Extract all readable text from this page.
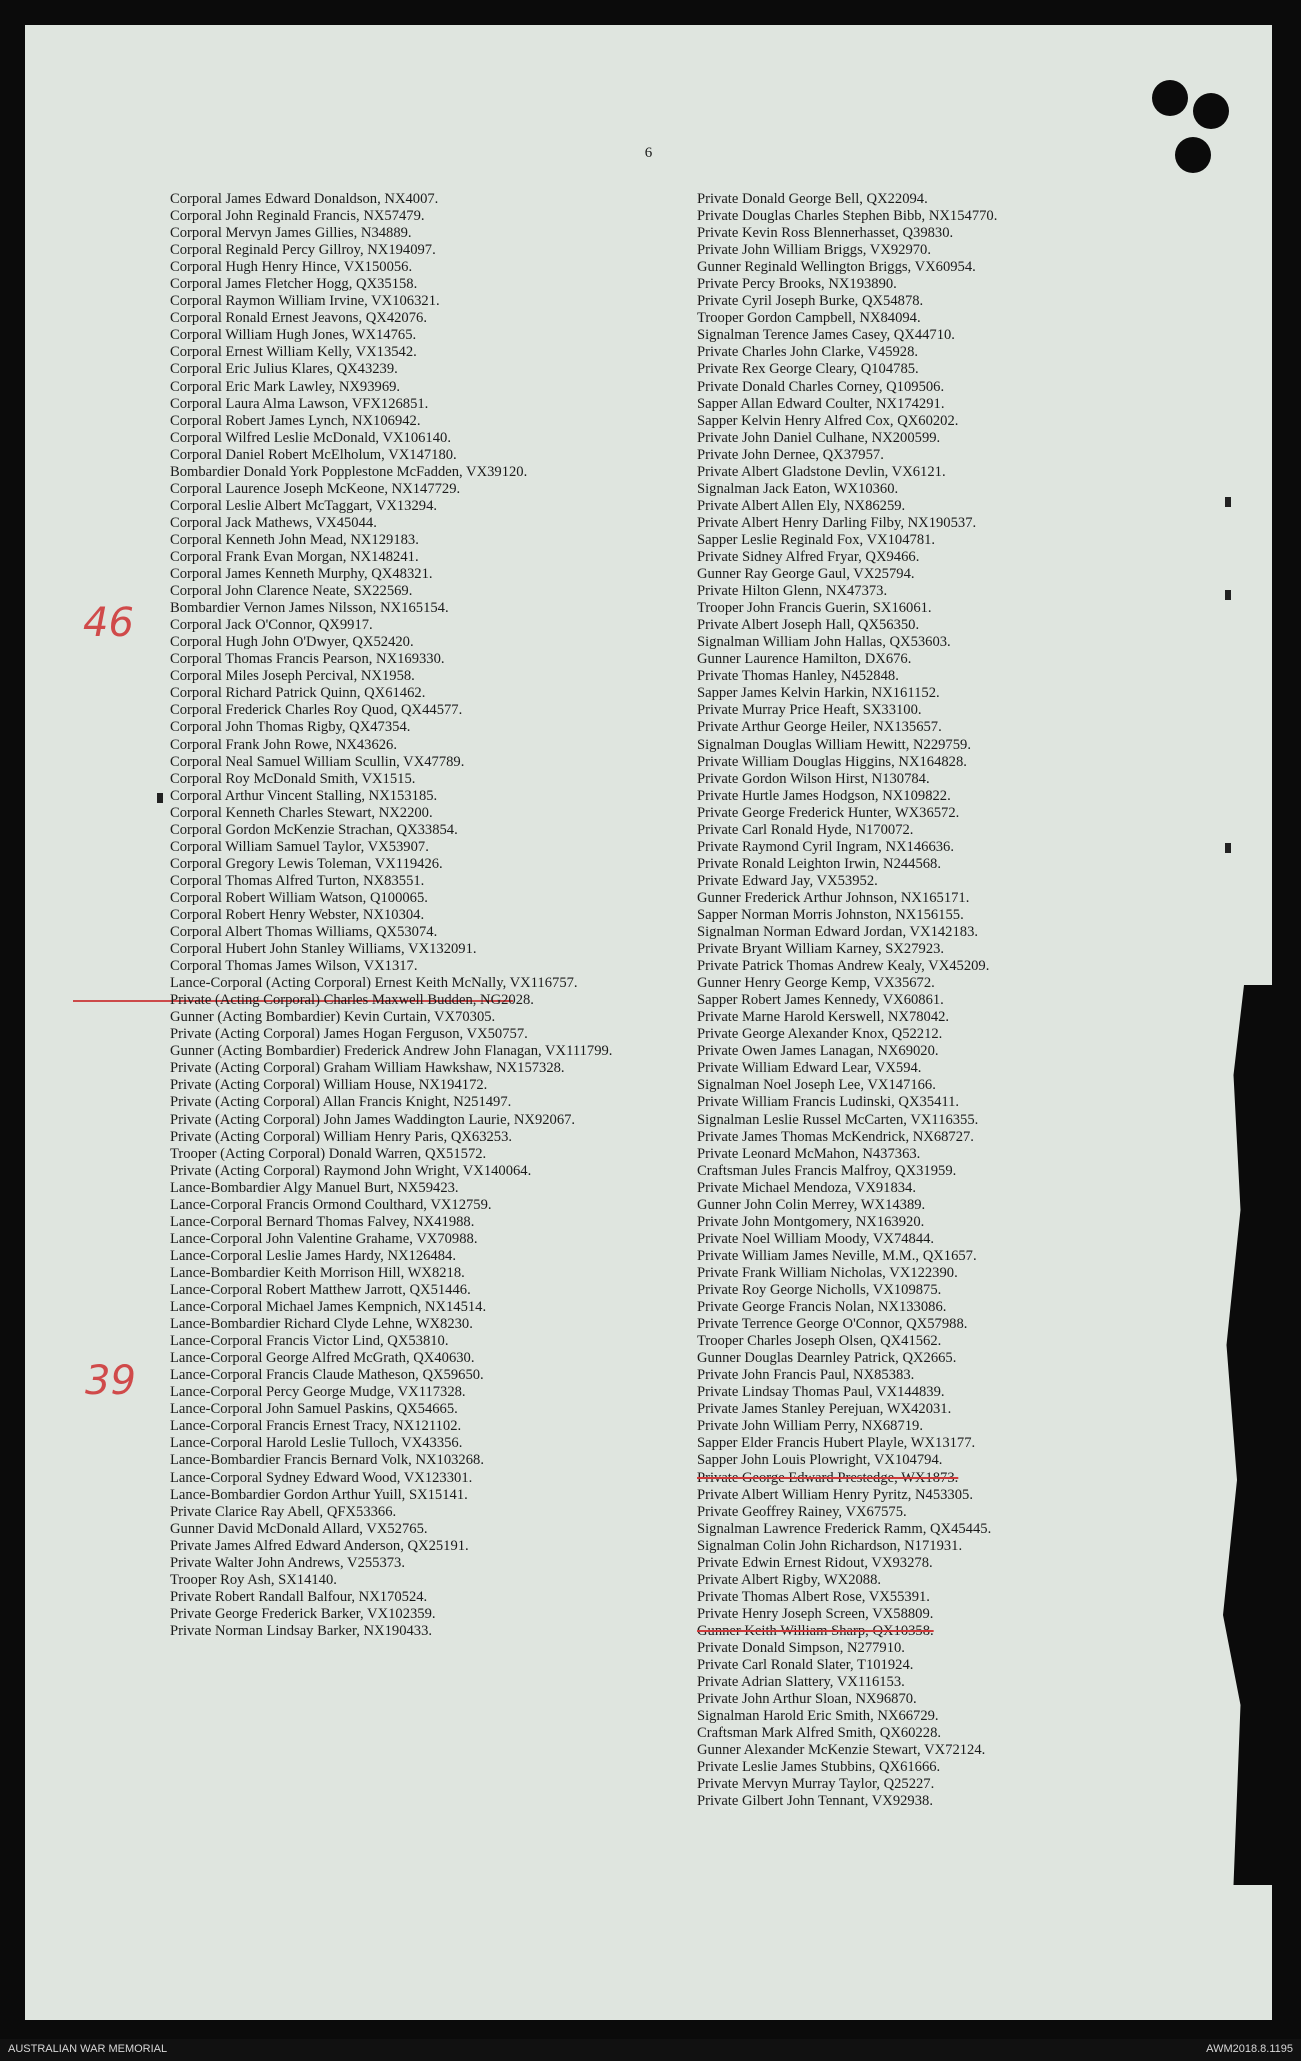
6
46
39
Corporal James Edward Donaldson, NX4007.
Corporal John Reginald Francis, NX57479.
Corporal Mervyn James Gillies, N34889.
Corporal Reginald Percy Gillroy, NX194097.
Corporal Hugh Henry Hince, VX150056.
Corporal James Fletcher Hogg, QX35158.
Corporal Raymon William Irvine, VX106321.
Corporal Ronald Ernest Jeavons, QX42076.
Corporal William Hugh Jones, WX14765.
Corporal Ernest William Kelly, VX13542.
Corporal Eric Julius Klares, QX43239.
Corporal Eric Mark Lawley, NX93969.
Corporal Laura Alma Lawson, VFX126851.
Corporal Robert James Lynch, NX106942.
Corporal Wilfred Leslie McDonald, VX106140.
Corporal Daniel Robert McElholum, VX147180.
Bombardier Donald York Popplestone McFadden, VX39120.
Corporal Laurence Joseph McKeone, NX147729.
Corporal Leslie Albert McTaggart, VX13294.
Corporal Jack Mathews, VX45044.
Corporal Kenneth John Mead, NX129183.
Corporal Frank Evan Morgan, NX148241.
Corporal James Kenneth Murphy, QX48321.
Corporal John Clarence Neate, SX22569.
Bombardier Vernon James Nilsson, NX165154.
Corporal Jack O'Connor, QX9917.
Corporal Hugh John O'Dwyer, QX52420.
Corporal Thomas Francis Pearson, NX169330.
Corporal Miles Joseph Percival, NX1958.
Corporal Richard Patrick Quinn, QX61462.
Corporal Frederick Charles Roy Quod, QX44577.
Corporal John Thomas Rigby, QX47354.
Corporal Frank John Rowe, NX43626.
Corporal Neal Samuel William Scullin, VX47789.
Corporal Roy McDonald Smith, VX1515.
Corporal Arthur Vincent Stalling, NX153185.
Corporal Kenneth Charles Stewart, NX2200.
Corporal Gordon McKenzie Strachan, QX33854.
Corporal William Samuel Taylor, VX53907.
Corporal Gregory Lewis Toleman, VX119426.
Corporal Thomas Alfred Turton, NX83551.
Corporal Robert William Watson, Q100065.
Corporal Robert Henry Webster, NX10304.
Corporal Albert Thomas Williams, QX53074.
Corporal Hubert John Stanley Williams, VX132091.
Corporal Thomas James Wilson, VX1317.
Lance-Corporal (Acting Corporal) Ernest Keith McNally, VX116757.
Private (Acting Corporal) Charles Maxwell Budden, NG2028.
Gunner (Acting Bombardier) Kevin Curtain, VX70305.
Private (Acting Corporal) James Hogan Ferguson, VX50757.
Gunner (Acting Bombardier) Frederick Andrew John Flanagan, VX111799.
Private (Acting Corporal) Graham William Hawkshaw, NX157328.
Private (Acting Corporal) William House, NX194172.
Private (Acting Corporal) Allan Francis Knight, N251497.
Private (Acting Corporal) John James Waddington Laurie, NX92067.
Private (Acting Corporal) William Henry Paris, QX63253.
Trooper (Acting Corporal) Donald Warren, QX51572.
Private (Acting Corporal) Raymond John Wright, VX140064.
Lance-Bombardier Algy Manuel Burt, NX59423.
Lance-Corporal Francis Ormond Coulthard, VX12759.
Lance-Corporal Bernard Thomas Falvey, NX41988.
Lance-Corporal John Valentine Grahame, VX70988.
Lance-Corporal Leslie James Hardy, NX126484.
Lance-Bombardier Keith Morrison Hill, WX8218.
Lance-Corporal Robert Matthew Jarrott, QX51446.
Lance-Corporal Michael James Kempnich, NX14514.
Lance-Bombardier Richard Clyde Lehne, WX8230.
Lance-Corporal Francis Victor Lind, QX53810.
Lance-Corporal George Alfred McGrath, QX40630.
Lance-Corporal Francis Claude Matheson, QX59650.
Lance-Corporal Percy George Mudge, VX117328.
Lance-Corporal John Samuel Paskins, QX54665.
Lance-Corporal Francis Ernest Tracy, NX121102.
Lance-Corporal Harold Leslie Tulloch, VX43356.
Lance-Bombardier Francis Bernard Volk, NX103268.
Lance-Corporal Sydney Edward Wood, VX123301.
Lance-Bombardier Gordon Arthur Yuill, SX15141.
Private Clarice Ray Abell, QFX53366.
Gunner David McDonald Allard, VX52765.
Private James Alfred Edward Anderson, QX25191.
Private Walter John Andrews, V255373.
Trooper Roy Ash, SX14140.
Private Robert Randall Balfour, NX170524.
Private George Frederick Barker, VX102359.
Private Norman Lindsay Barker, NX190433.
Private Donald George Bell, QX22094.
Private Douglas Charles Stephen Bibb, NX154770.
Private Kevin Ross Blennerhasset, Q39830.
Private John William Briggs, VX92970.
Gunner Reginald Wellington Briggs, VX60954.
Private Percy Brooks, NX193890.
Private Cyril Joseph Burke, QX54878.
Trooper Gordon Campbell, NX84094.
Signalman Terence James Casey, QX44710.
Private Charles John Clarke, V45928.
Private Rex George Cleary, Q104785.
Private Donald Charles Corney, Q109506.
Sapper Allan Edward Coulter, NX174291.
Sapper Kelvin Henry Alfred Cox, QX60202.
Private John Daniel Culhane, NX200599.
Private John Dernee, QX37957.
Private Albert Gladstone Devlin, VX6121.
Signalman Jack Eaton, WX10360.
Private Albert Allen Ely, NX86259.
Private Albert Henry Darling Filby, NX190537.
Sapper Leslie Reginald Fox, VX104781.
Private Sidney Alfred Fryar, QX9466.
Gunner Ray George Gaul, VX25794.
Private Hilton Glenn, NX47373.
Trooper John Francis Guerin, SX16061.
Private Albert Joseph Hall, QX56350.
Signalman William John Hallas, QX53603.
Gunner Laurence Hamilton, DX676.
Private Thomas Hanley, N452848.
Sapper James Kelvin Harkin, NX161152.
Private Murray Price Heaft, SX33100.
Private Arthur George Heiler, NX135657.
Signalman Douglas William Hewitt, N229759.
Private William Douglas Higgins, NX164828.
Private Gordon Wilson Hirst, N130784.
Private Hurtle James Hodgson, NX109822.
Private George Frederick Hunter, WX36572.
Private Carl Ronald Hyde, N170072.
Private Raymond Cyril Ingram, NX146636.
Private Ronald Leighton Irwin, N244568.
Private Edward Jay, VX53952.
Gunner Frederick Arthur Johnson, NX165171.
Sapper Norman Morris Johnston, NX156155.
Signalman Norman Edward Jordan, VX142183.
Private Bryant William Karney, SX27923.
Private Patrick Thomas Andrew Kealy, VX45209.
Gunner Henry George Kemp, VX35672.
Sapper Robert James Kennedy, VX60861.
Private Marne Harold Kerswell, NX78042.
Private George Alexander Knox, Q52212.
Private Owen James Lanagan, NX69020.
Private William Edward Lear, VX594.
Signalman Noel Joseph Lee, VX147166.
Private William Francis Ludinski, QX35411.
Signalman Leslie Russel McCarten, VX116355.
Private James Thomas McKendrick, NX68727.
Private Leonard McMahon, N437363.
Craftsman Jules Francis Malfroy, QX31959.
Private Michael Mendoza, VX91834.
Gunner John Colin Merrey, WX14389.
Private John Montgomery, NX163920.
Private Noel William Moody, VX74844.
Private William James Neville, M.M., QX1657.
Private Frank William Nicholas, VX122390.
Private Roy George Nicholls, VX109875.
Private George Francis Nolan, NX133086.
Private Terrence George O'Connor, QX57988.
Trooper Charles Joseph Olsen, QX41562.
Gunner Douglas Dearnley Patrick, QX2665.
Private John Francis Paul, NX85383.
Private Lindsay Thomas Paul, VX144839.
Private James Stanley Perejuan, WX42031.
Private John William Perry, NX68719.
Sapper Elder Francis Hubert Playle, WX13177.
Sapper John Louis Plowright, VX104794.
Private George Edward Prestedge, WX1873.
Private Albert William Henry Pyritz, N453305.
Private Geoffrey Rainey, VX67575.
Signalman Lawrence Frederick Ramm, QX45445.
Signalman Colin John Richardson, N171931.
Private Edwin Ernest Ridout, VX93278.
Private Albert Rigby, WX2088.
Private Thomas Albert Rose, VX55391.
Private Henry Joseph Screen, VX58809.
Gunner Keith William Sharp, QX10358.
Private Donald Simpson, N277910.
Private Carl Ronald Slater, T101924.
Private Adrian Slattery, VX116153.
Private John Arthur Sloan, NX96870.
Signalman Harold Eric Smith, NX66729.
Craftsman Mark Alfred Smith, QX60228.
Gunner Alexander McKenzie Stewart, VX72124.
Private Leslie James Stubbins, QX61666.
Private Mervyn Murray Taylor, Q25227.
Private Gilbert John Tennant, VX92938.
AUSTRALIAN WAR MEMORIAL	AWM2018.8.1195
